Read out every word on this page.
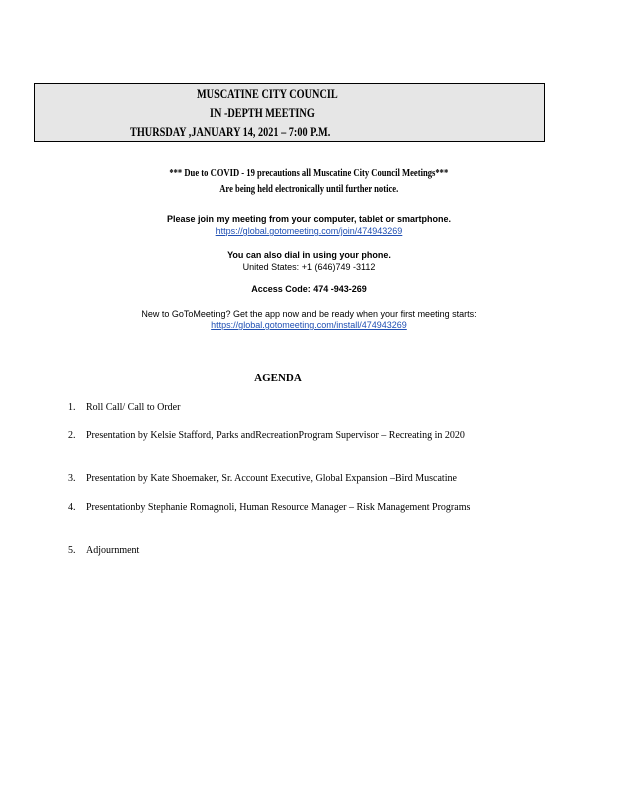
MUSCATINE CITY COUNCIL
IN -DEPTH MEETING
THURSDAY ,JANUARY 14, 2021 – 7:00 P.M.
*** Due to COVID - 19 precautions all Muscatine City Council Meetings***
Are being held electronically until further notice.
Please join my meeting from your computer, tablet or smartphone.
https://global.gotomeeting.com/join/474943269
You can also dial in using your phone.
United States: +1 (646)749 -3112
Access Code: 474 -943-269
New to GoToMeeting? Get the app now and be ready when your first meeting starts:
https://global.gotomeeting.com/install/474943269
AGENDA
1. Roll Call/ Call to Order
2. Presentation by Kelsie Stafford, Parks andRecreationProgram Supervisor – Recreating in 2020
3. Presentation by Kate Shoemaker, Sr. Account Executive, Global Expansion –Bird Muscatine
4. Presentationby Stephanie Romagnoli, Human Resource Manager – Risk Management Programs
5. Adjournment
